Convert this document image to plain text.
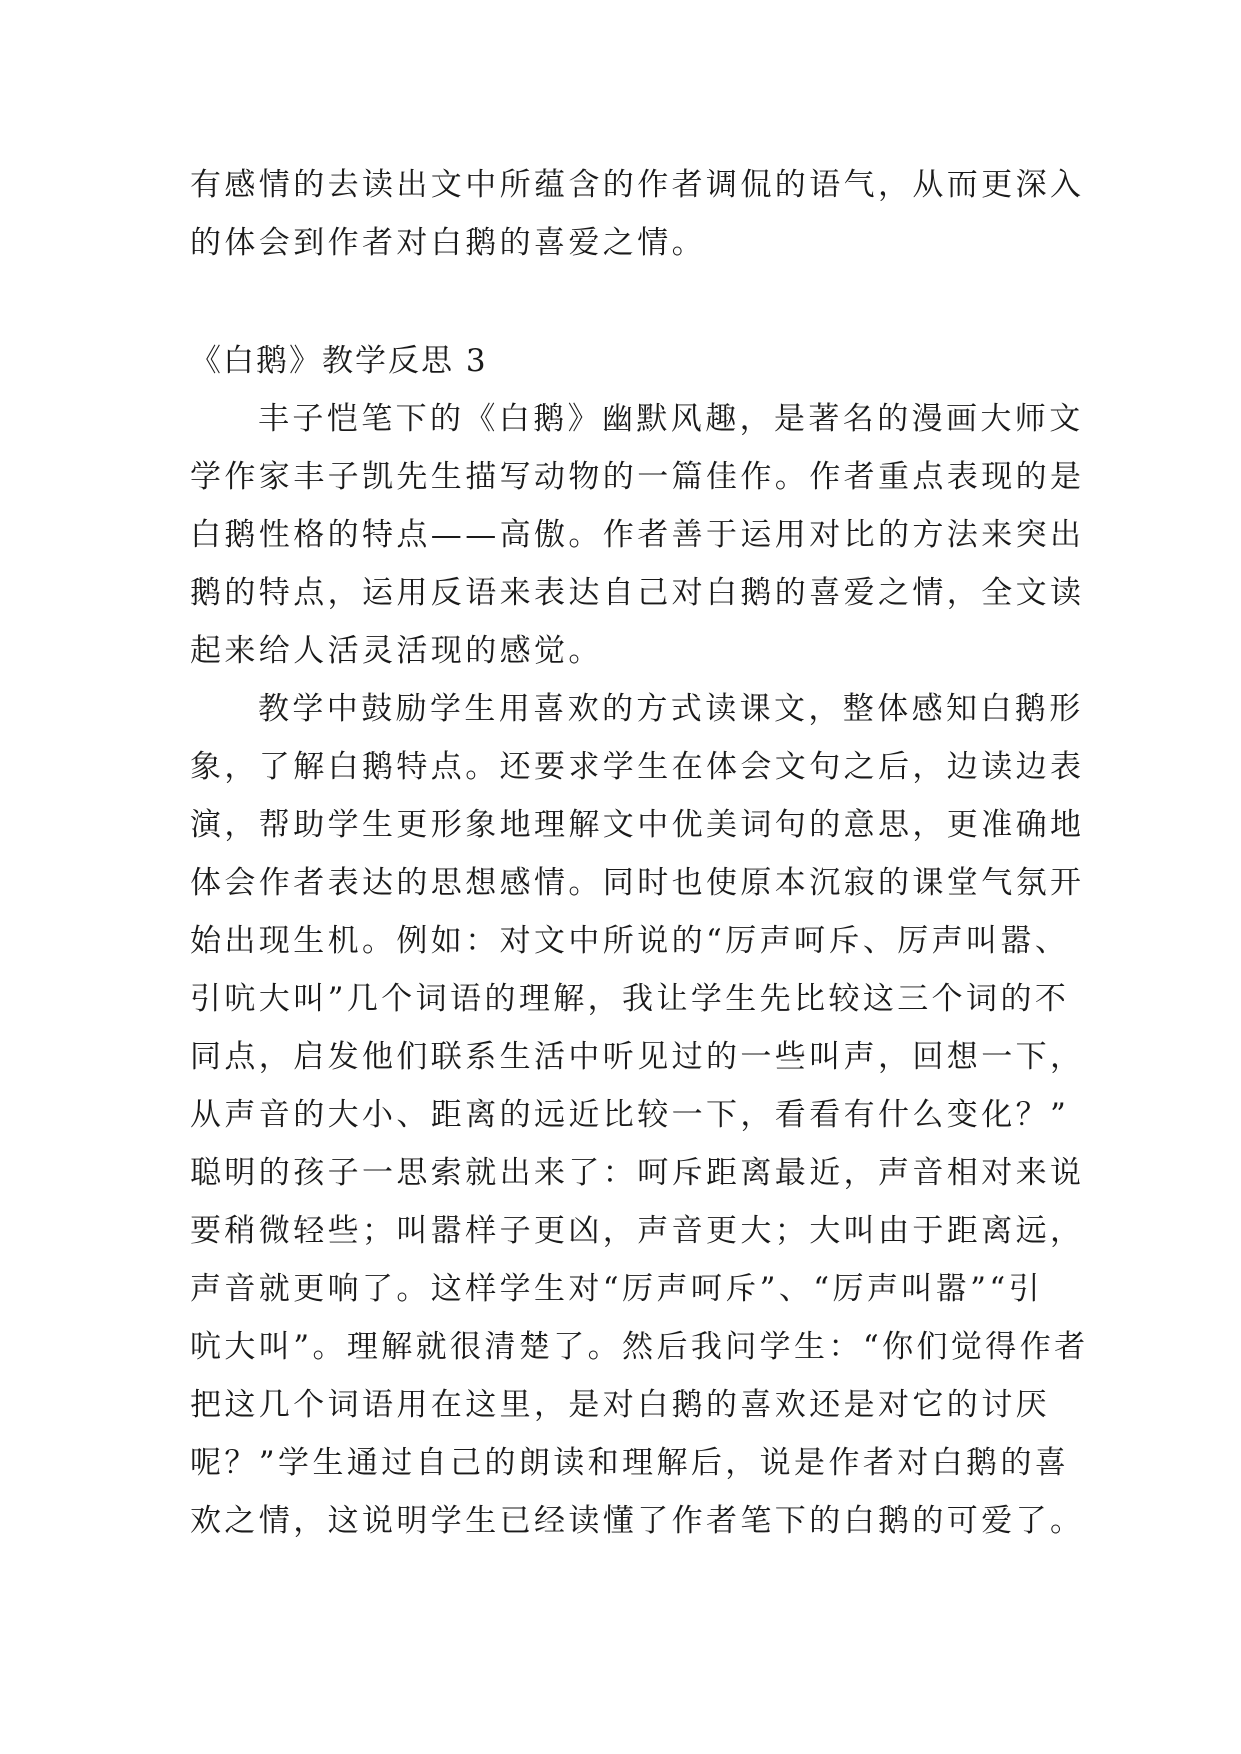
有感情的去读出文中所蕴含的作者调侃的语气，从而更深入
的体会到作者对白鹅的喜爱之情。
《白鹅》教学反思 3
丰子恺笔下的《白鹅》幽默风趣，是著名的漫画大师文
学作家丰子凯先生描写动物的一篇佳作。作者重点表现的是
白鹅性格的特点——高傲。作者善于运用对比的方法来突出
鹅的特点，运用反语来表达自己对白鹅的喜爱之情，全文读
起来给人活灵活现的感觉。
教学中鼓励学生用喜欢的方式读课文，整体感知白鹅形
象，了解白鹅特点。还要求学生在体会文句之后，边读边表
演，帮助学生更形象地理解文中优美词句的意思，更准确地
体会作者表达的思想感情。同时也使原本沉寂的课堂气氛开
始出现生机。例如：对文中所说的“厉声呵斥、厉声叫嚣、
引吭大叫”几个词语的理解，我让学生先比较这三个词的不
同点，启发他们联系生活中听见过的一些叫声，回想一下，
从声音的大小、距离的远近比较一下，看看有什么变化？”
聪明的孩子一思索就出来了：呵斥距离最近，声音相对来说
要稍微轻些；叫嚣样子更凶，声音更大；大叫由于距离远，
声音就更响了。这样学生对“厉声呵斥”、“厉声叫嚣”“引
吭大叫”。理解就很清楚了。然后我问学生：“你们觉得作者
把这几个词语用在这里，是对白鹅的喜欢还是对它的讨厌
呢？”学生通过自己的朗读和理解后，说是作者对白鹅的喜
欢之情，这说明学生已经读懂了作者笔下的白鹅的可爱了。
